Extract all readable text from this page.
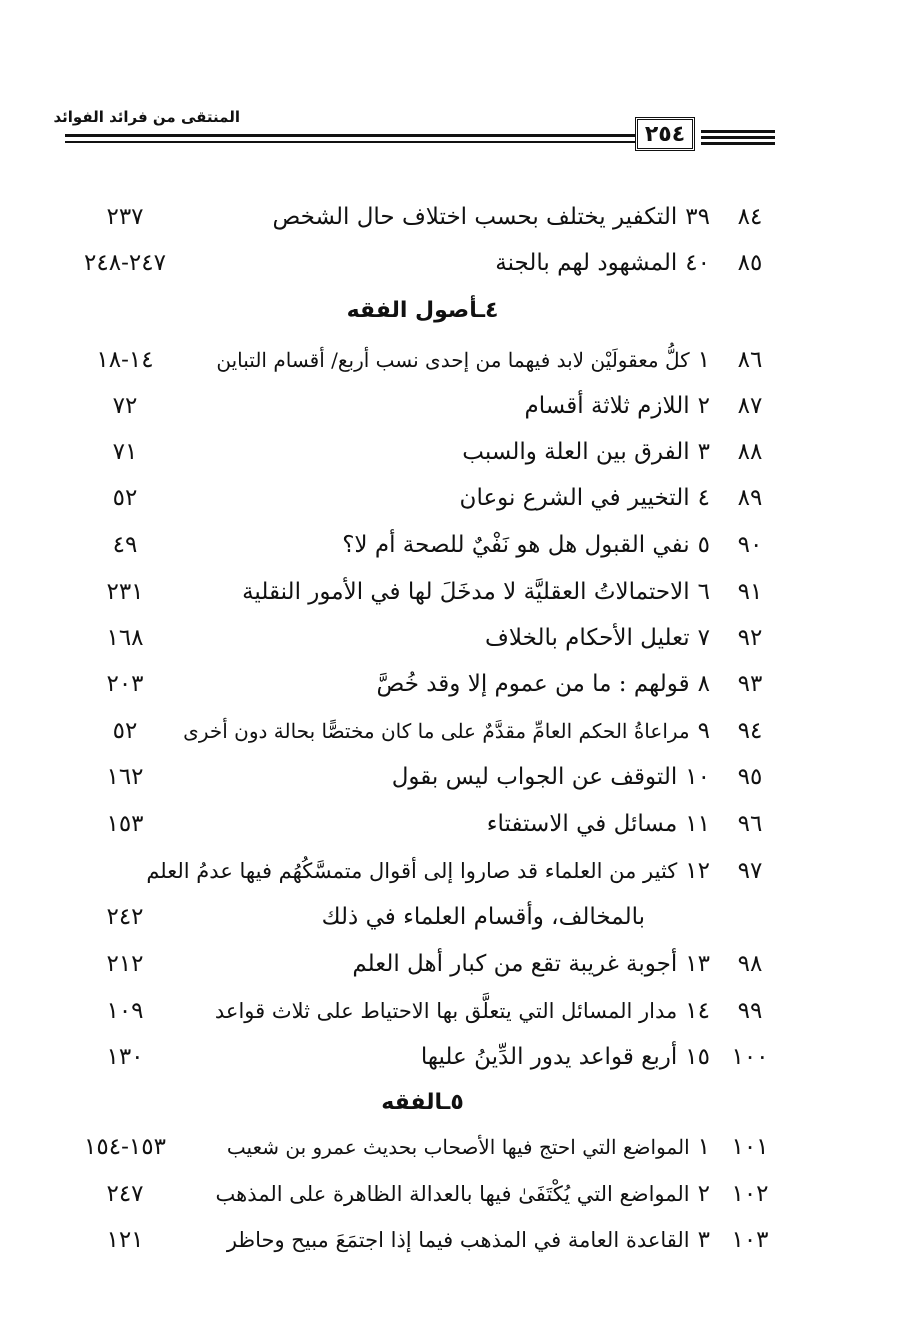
المنتقى من فرائد الفوائد
٢٥٤
٨٤
٣٩التكفير يختلف بحسب اختلاف حال الشخص
٢٣٧
٨٥
٤٠المشهود لهم بالجنة
٢٤٧-٢٤٨
٤ـأصول الفقه
٨٦
١كلُّ معقولَيْن لابد فيهما من إحدى نسب أربع/ أقسام التباين
١٤-١٨
٨٧
٢اللازم ثلاثة أقسام
٧٢
٨٨
٣الفرق بين العلة والسبب
٧١
٨٩
٤التخيير في الشرع نوعان
٥٢
٩٠
٥نفي القبول هل هو نَفْيٌ للصحة أم لا؟
٤٩
٩١
٦الاحتمالاتُ العقليَّة لا مدخَلَ لها في الأمور النقلية
٢٣١
٩٢
٧تعليل الأحكام بالخلاف
١٦٨
٩٣
٨قولهم : ما من عموم إلا وقد خُصَّ
٢٠٣
٩٤
٩مراعاةُ الحكم العامِّ مقدَّمٌ على ما كان مختصًّا بحالة دون أخرى
٥٢
٩٥
١٠التوقف عن الجواب ليس بقول
١٦٢
٩٦
١١مسائل في الاستفتاء
١٥٣
٩٧
١٢كثير من العلماء قد صاروا إلى أقوال متمسَّكُهُم فيها عدمُ العلم
بالمخالف، وأقسام العلماء في ذلك
٢٤٢
٩٨
١٣أجوبة غريبة تقع من كبار أهل العلم
٢١٢
٩٩
١٤مدار المسائل التي يتعلَّق بها الاحتياط على ثلاث قواعد
١٠٩
١٠٠
١٥أربع قواعد يدور الدِّينُ عليها
١٣٠
٥ـالفقه
١٠١
١المواضع التي احتج فيها الأصحاب بحديث عمرو بن شعيب
١٥٣-١٥٤
١٠٢
٢المواضع التي يُكْتَفَىٰ فيها بالعدالة الظاهرة على المذهب
٢٤٧
١٠٣
٣القاعدة العامة في المذهب فيما إذا اجتمَعَ مبيح وحاظر
١٢١
